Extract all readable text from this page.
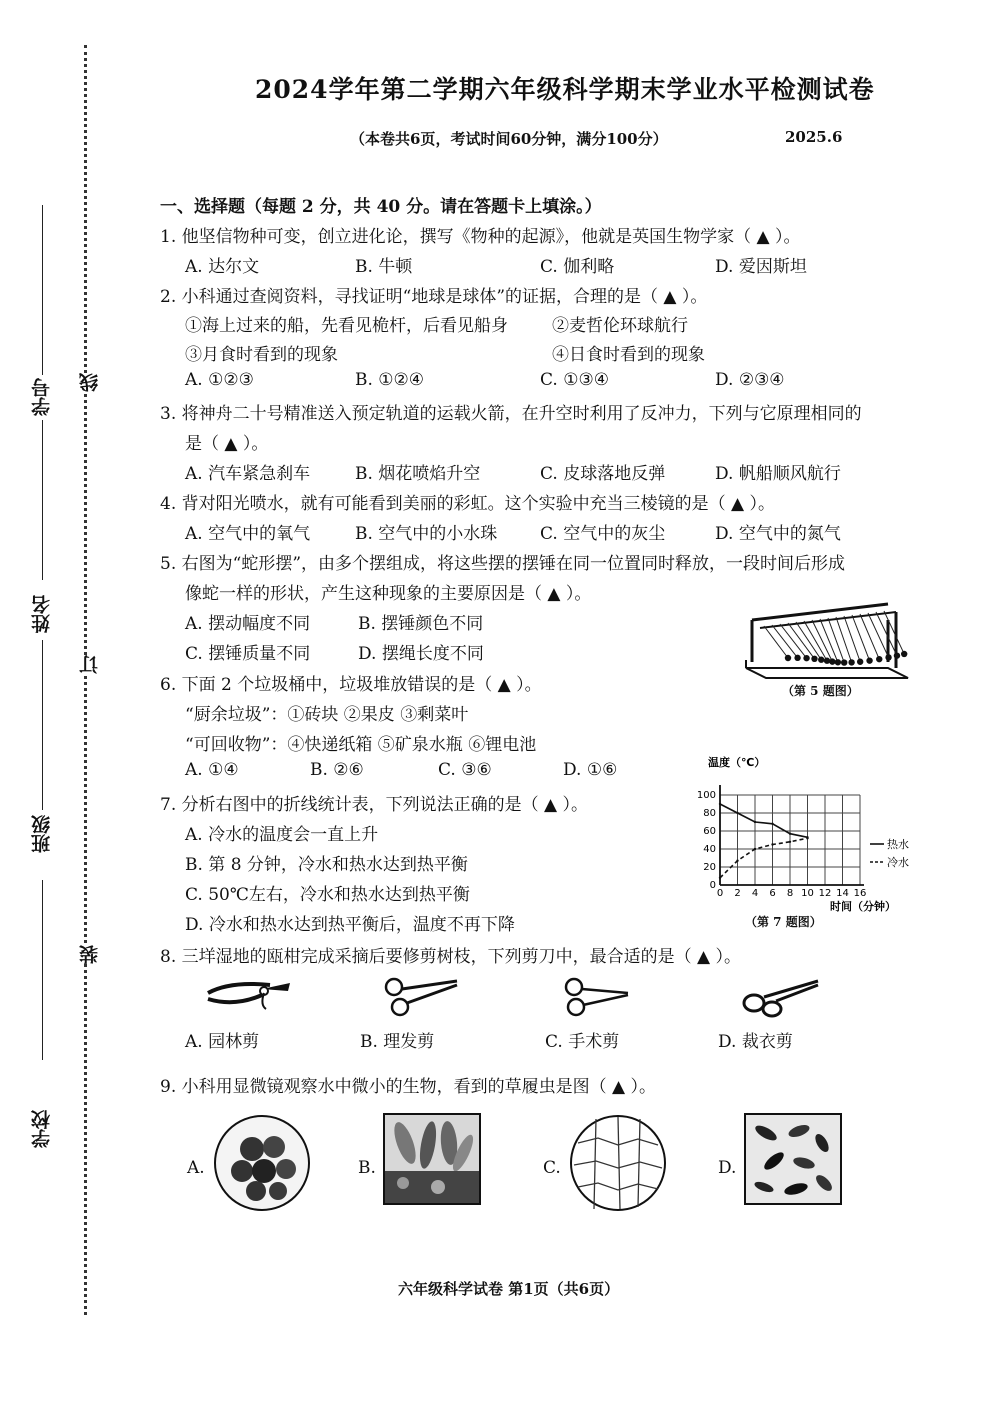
学号
姓名
班级
学校
线
订
装
2024学年第二学期六年级科学期末学业水平检测试卷
（本卷共6页，考试时间60分钟，满分100分）	2025.6
一、选择题（每题 2 分，共 40 分。请在答题卡上填涂。）
1. 他坚信物种可变，创立进化论，撰写《物种的起源》，他就是英国生物学家（ ▲ ）。
A. 达尔文	B. 牛顿	C. 伽利略	D. 爱因斯坦
2. 小科通过查阅资料，寻找证明“地球是球体”的证据，合理的是（ ▲ ）。
①海上过来的船，先看见桅杆，后看见船身	②麦哲伦环球航行
③月食时看到的现象	④日食时看到的现象
A. ①②③	B. ①②④	C. ①③④	D. ②③④
3. 将神舟二十号精准送入预定轨道的运载火箭，在升空时利用了反冲力，下列与它原理相同的
是（ ▲ ）。
A. 汽车紧急刹车	B. 烟花喷焰升空	C. 皮球落地反弹	D. 帆船顺风航行
4. 背对阳光喷水，就有可能看到美丽的彩虹。这个实验中充当三棱镜的是（ ▲ ）。
A. 空气中的氧气	B. 空气中的小水珠	C. 空气中的灰尘	D. 空气中的氮气
5. 右图为“蛇形摆”，由多个摆组成，将这些摆的摆锤在同一位置同时释放，一段时间后形成
像蛇一样的形状，产生这种现象的主要原因是（ ▲ ）。
A. 摆动幅度不同	B. 摆锤颜色不同
C. 摆锤质量不同	D. 摆绳长度不同
（第 5 题图）
6. 下面 2 个垃圾桶中，垃圾堆放错误的是（ ▲ ）。
“厨余垃圾”：①砖块 ②果皮 ③剩菜叶
“可回收物”：④快递纸箱 ⑤矿泉水瓶 ⑥锂电池
A. ①④	B. ②⑥	C. ③⑥	D. ①⑥
7. 分析右图中的折线统计表，下列说法正确的是（ ▲ ）。
A. 冷水的温度会一直上升
B. 第 8 分钟，冷水和热水达到热平衡
C. 50℃左右，冷水和热水达到热平衡
D. 冷水和热水达到热平衡后，温度不再下降
温度（℃）
时间（分钟）
0 2 4 6 8 10 12 14 16
0
20
40
60
80
100
热水
冷水
（第 7 题图）
8. 三垟湿地的瓯柑完成采摘后要修剪树枝，下列剪刀中，最合适的是（ ▲ ）。
A. 园林剪	B. 理发剪	C. 手术剪	D. 裁衣剪
9. 小科用显微镜观察水中微小的生物，看到的草履虫是图（ ▲ ）。
A.	B.	C.	D.
六年级科学试卷 第1页（共6页）
